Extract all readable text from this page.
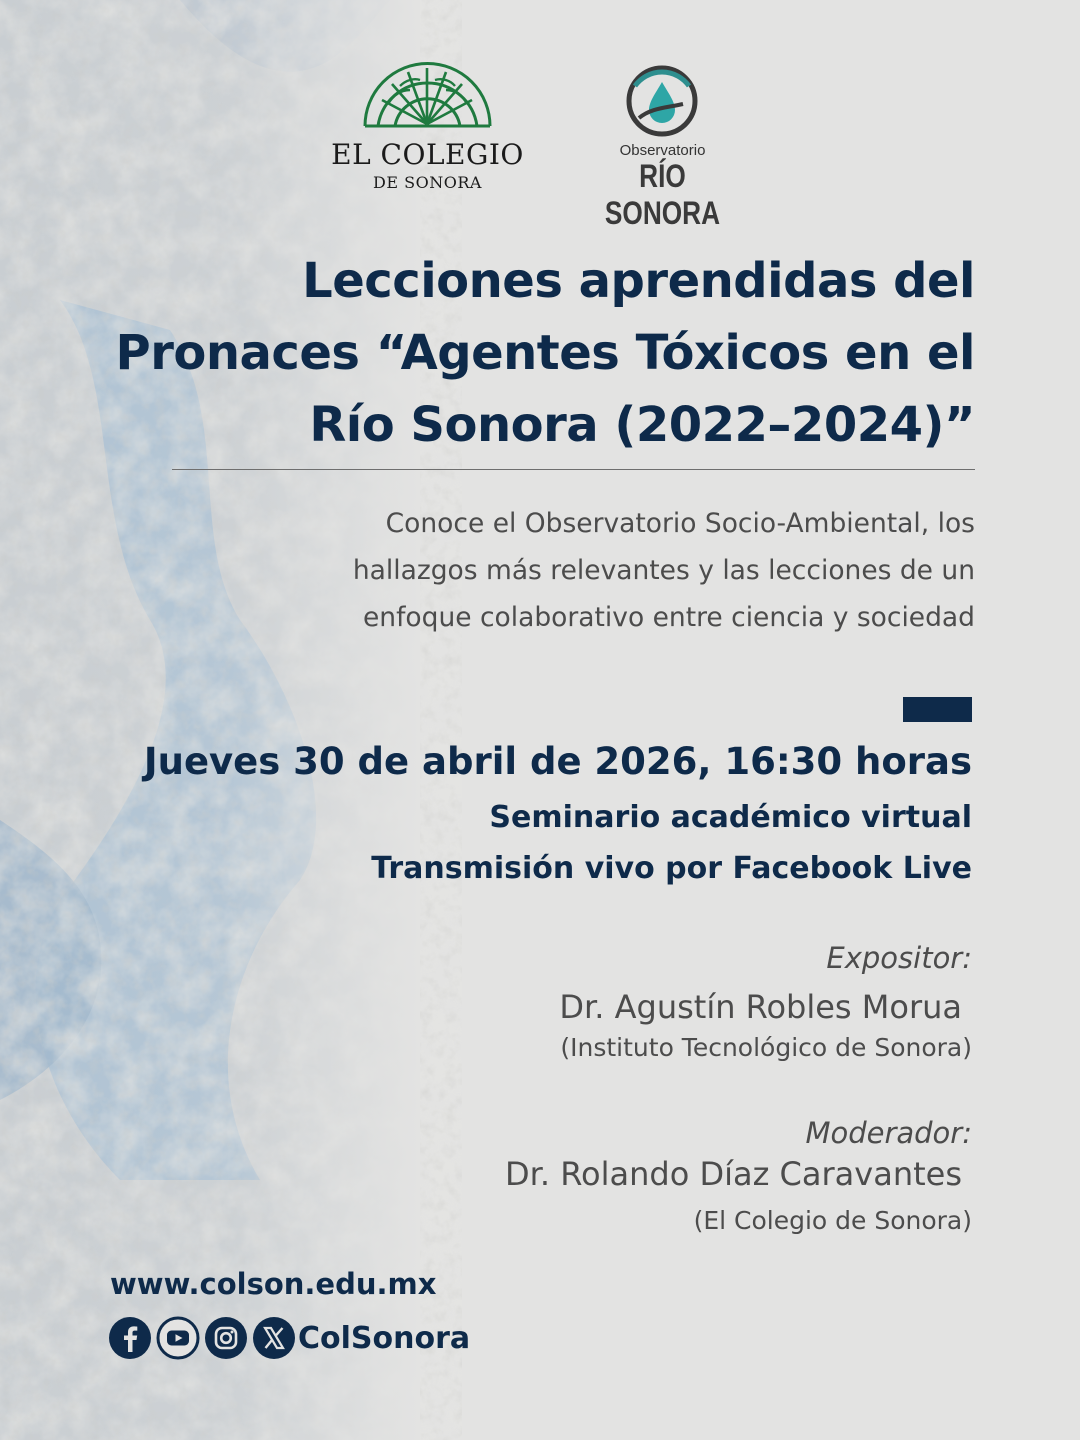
EL COLEGIO
DE SONORA
Observatorio
RÍO SONORA
Lecciones aprendidas del
Pronaces “Agentes Tóxicos en el
Río Sonora (2022–2024)”
Conoce el Observatorio Socio-Ambiental, los
hallazgos más relevantes y las lecciones de un
enfoque colaborativo entre ciencia y sociedad
Jueves 30 de abril de 2026, 16:30 horas
Seminario académico virtual
Transmisión vivo por Facebook Live
Expositor:
Dr. Agustín Robles Morua
(Instituto Tecnológico de Sonora)
Moderador:
Dr. Rolando Díaz Caravantes
(El Colegio de Sonora)
www.colson.edu.mx
ColSonora
